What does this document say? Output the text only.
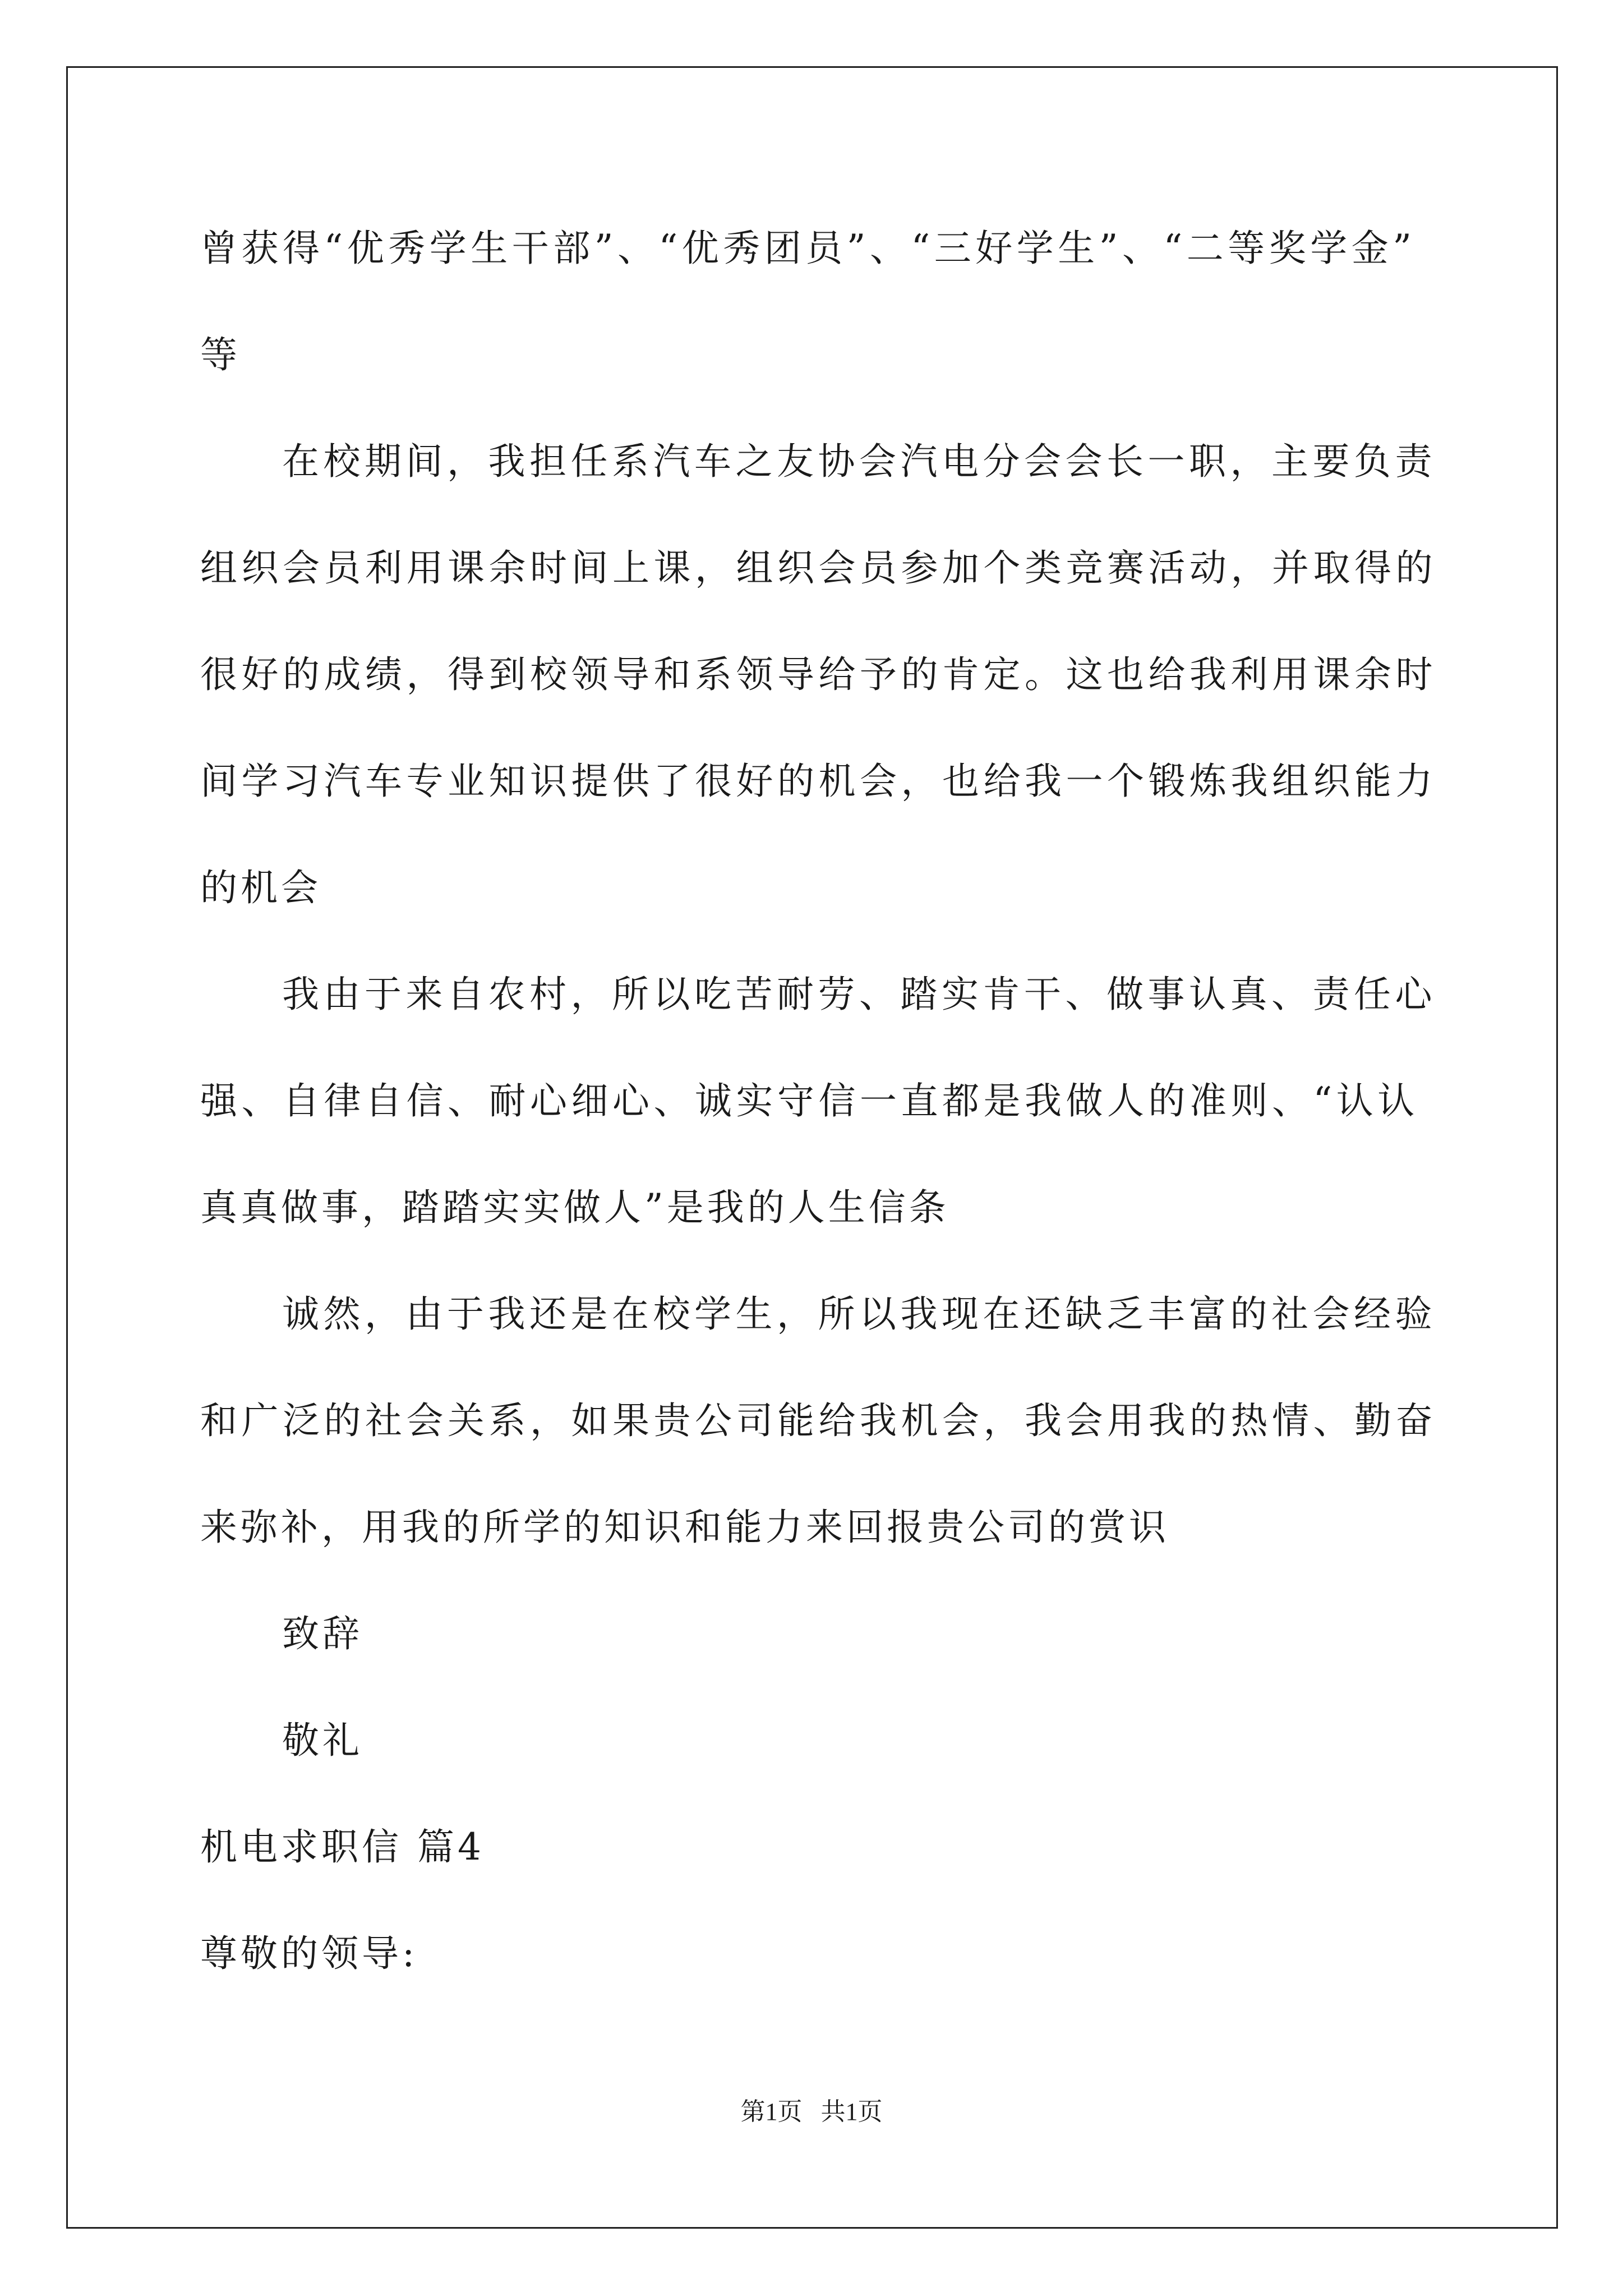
曾获得“优秀学生干部”、“优秀团员”、“三好学生”、“二等奖学金”
等
在校期间，我担任系汽车之友协会汽电分会会长一职，主要负责
组织会员利用课余时间上课，组织会员参加个类竞赛活动，并取得的
很好的成绩，得到校领导和系领导给予的肯定。这也给我利用课余时
间学习汽车专业知识提供了很好的机会，也给我一个锻炼我组织能力
的机会
我由于来自农村，所以吃苦耐劳、踏实肯干、做事认真、责任心
强、自律自信、耐心细心、诚实守信一直都是我做人的准则、“认认
真真做事，踏踏实实做人”是我的人生信条
诚然，由于我还是在校学生，所以我现在还缺乏丰富的社会经验
和广泛的社会关系，如果贵公司能给我机会，我会用我的热情、勤奋
来弥补，用我的所学的知识和能力来回报贵公司的赏识
致辞
敬礼
机电求职信 篇4
尊敬的领导:
第1页   共1页
